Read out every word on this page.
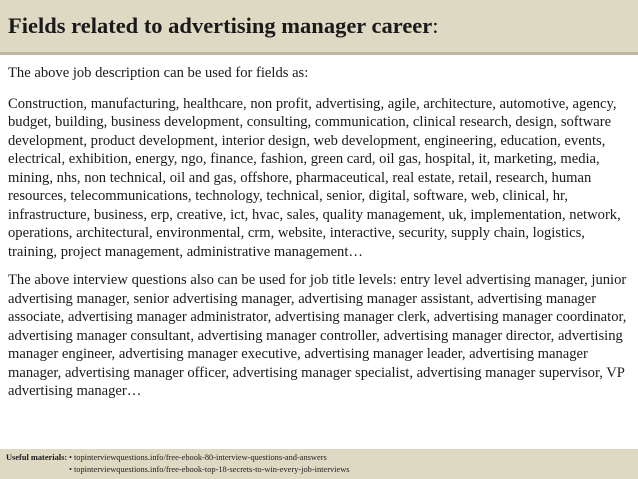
Fields related to advertising manager career:

The above job description can be used for fields as:

Construction, manufacturing, healthcare, non profit, advertising, agile, architecture, automotive, agency, budget, building, business development, consulting, communication, clinical research, design, software development, product development, interior design, web development, engineering, education, events, electrical, exhibition, energy, ngo, finance, fashion, green card, oil gas, hospital, it, marketing, media, mining, nhs, non technical, oil and gas, offshore, pharmaceutical, real estate, retail, research, human resources, telecommunications, technology, technical, senior, digital, software, web, clinical, hr, infrastructure, business, erp, creative, ict, hvac, sales, quality management, uk, implementation, network, operations, architectural, environmental, crm, website, interactive, security, supply chain, logistics, training, project management, administrative management…

The above interview questions also can be used for job title levels: entry level advertising manager, junior advertising manager, senior advertising manager, advertising manager assistant, advertising manager associate, advertising manager administrator, advertising manager clerk, advertising manager coordinator, advertising manager consultant, advertising manager controller, advertising manager director, advertising manager engineer, advertising manager executive, advertising manager leader, advertising manager manager, advertising manager officer, advertising manager specialist, advertising manager supervisor, VP advertising manager…

Useful materials: • topinterviewquestions.info/free-ebook-80-interview-questions-and-answers
• topinterviewquestions.info/free-ebook-top-18-secrets-to-win-every-job-interviews
